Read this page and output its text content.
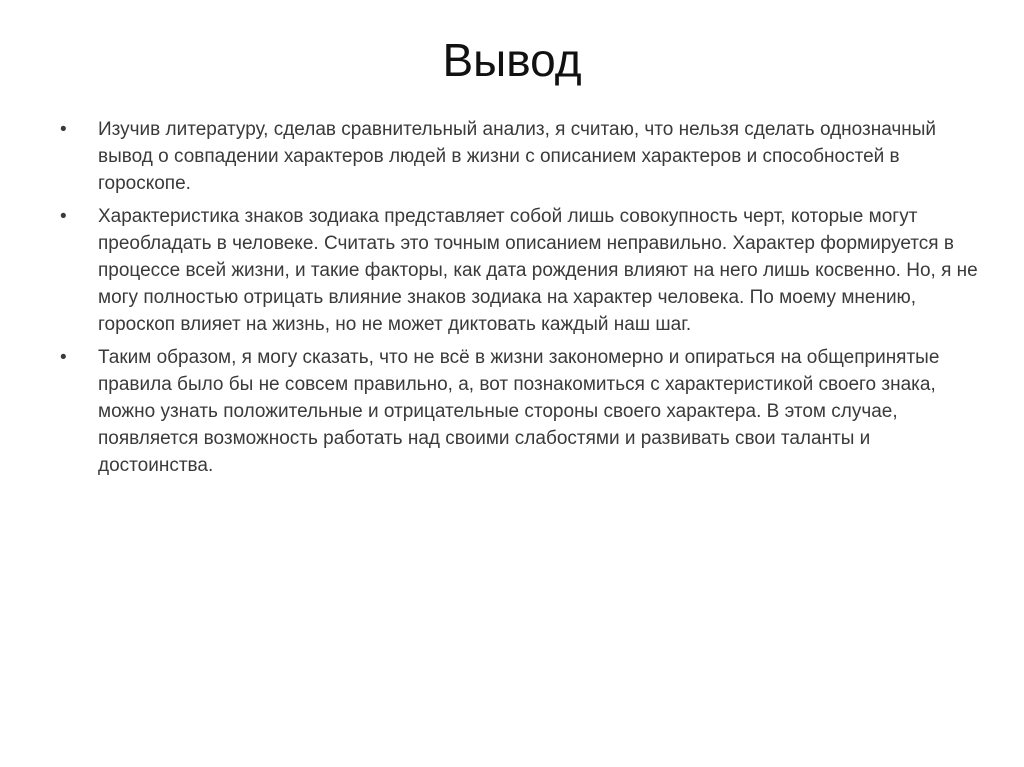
Вывод
•	Изучив литературу, сделав сравнительный анализ, я считаю, что нельзя сделать однозначный вывод о совпадении характеров людей в жизни с описанием характеров и способностей в гороскопе.
•	Характеристика знаков зодиака представляет собой лишь совокупность черт, которые могут преобладать в человеке. Считать это точным описанием неправильно. Характер формируется в процессе всей жизни, и такие факторы, как дата рождения влияют на него лишь косвенно. Но, я не могу полностью отрицать влияние знаков зодиака на характер человека. По моему мнению, гороскоп влияет на жизнь, но не может диктовать каждый наш шаг.
•	Таким образом, я могу сказать, что не всё в жизни закономерно и опираться на общепринятые правила было бы не совсем правильно, а, вот познакомиться с характеристикой своего знака, можно узнать положительные и отрицательные стороны своего характера. В этом случае, появляется возможность работать над своими слабостями и развивать свои таланты и достоинства.
